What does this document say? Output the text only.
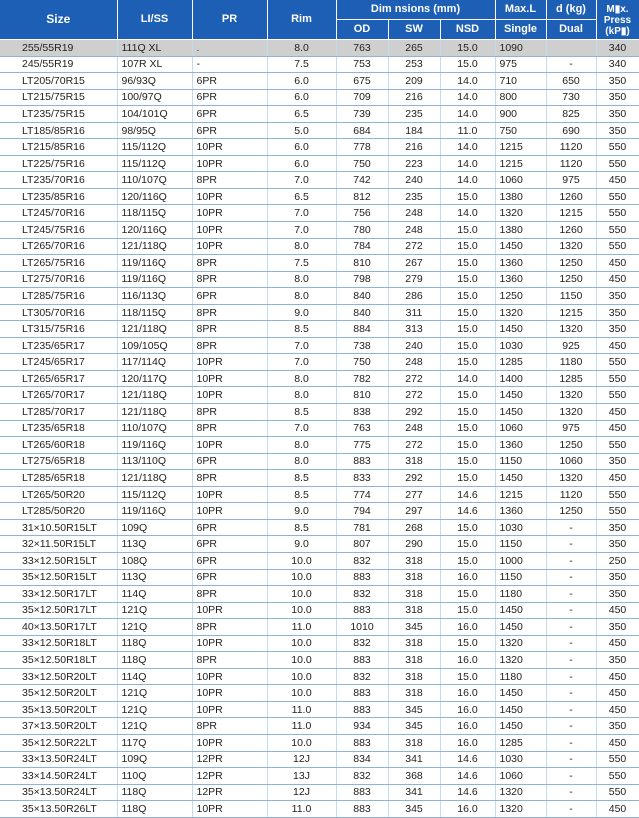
Size	LI/SS	PR	Rim	Dim nsions (mm)			Max.L	d (kg)	M▮x.
Press
(kP▮)

				OD	SW	NSD	Single	Dual	
255/55R19	111Q XL	.	8.0	763	265	15.0	1090		340
245/55R19	107R XL	-	7.5	753	253	15.0	975	-	340
LT205/70R15	96/93Q	6PR	6.0	675	209	14.0	710	650	350
LT215/75R15	100/97Q	6PR	6.0	709	216	14.0	800	730	350
LT235/75R15	104/101Q	6PR	6.5	739	235	14.0	900	825	350
LT185/85R16	98/95Q	6PR	5.0	684	184	11.0	750	690	350
LT215/85R16	115/112Q	10PR	6.0	778	216	14.0	1215	1120	550
LT225/75R16	115/112Q	10PR	6.0	750	223	14.0	1215	1120	550
LT235/70R16	110/107Q	8PR	7.0	742	240	14.0	1060	975	450
LT235/85R16	120/116Q	10PR	6.5	812	235	15.0	1380	1260	550
LT245/70R16	118/115Q	10PR	7.0	756	248	14.0	1320	1215	550
LT245/75R16	120/116Q	10PR	7.0	780	248	15.0	1380	1260	550
LT265/70R16	121/118Q	10PR	8.0	784	272	15.0	1450	1320	550
LT265/75R16	119/116Q	8PR	7.5	810	267	15.0	1360	1250	450
LT275/70R16	119/116Q	8PR	8.0	798	279	15.0	1360	1250	450
LT285/75R16	116/113Q	6PR	8.0	840	286	15.0	1250	1150	350
LT305/70R16	118/115Q	8PR	9.0	840	311	15.0	1320	1215	350
LT315/75R16	121/118Q	8PR	8.5	884	313	15.0	1450	1320	350
LT235/65R17	109/105Q	8PR	7.0	738	240	15.0	1030	925	450
LT245/65R17	117/114Q	10PR	7.0	750	248	15.0	1285	1180	550
LT265/65R17	120/117Q	10PR	8.0	782	272	14.0	1400	1285	550
LT265/70R17	121/118Q	10PR	8.0	810	272	15.0	1450	1320	550
LT285/70R17	121/118Q	8PR	8.5	838	292	15.0	1450	1320	450
LT235/65R18	110/107Q	8PR	7.0	763	248	15.0	1060	975	450
LT265/60R18	119/116Q	10PR	8.0	775	272	15.0	1360	1250	550
LT275/65R18	113/110Q	6PR	8.0	883	318	15.0	1150	1060	350
LT285/65R18	121/118Q	8PR	8.5	833	292	15.0	1450	1320	450
LT265/50R20	115/112Q	10PR	8.5	774	277	14.6	1215	1120	550
LT285/50R20	119/116Q	10PR	9.0	794	297	14.6	1360	1250	550
31×10.50R15LT	109Q	6PR	8.5	781	268	15.0	1030	-	350
32×11.50R15LT	113Q	6PR	9.0	807	290	15.0	1150	-	350
33×12.50R15LT	108Q	6PR	10.0	832	318	15.0	1000	-	250
35×12.50R15LT	113Q	6PR	10.0	883	318	16.0	1150	-	350
33×12.50R17LT	114Q	8PR	10.0	832	318	15.0	1180	-	350
35×12.50R17LT	121Q	10PR	10.0	883	318	15.0	1450	-	450
40×13.50R17LT	121Q	8PR	11.0	1010	345	16.0	1450	-	350
33×12.50R18LT	118Q	10PR	10.0	832	318	15.0	1320	-	450
35×12.50R18LT	118Q	8PR	10.0	883	318	16.0	1320	-	350
33×12.50R20LT	114Q	10PR	10.0	832	318	15.0	1180	-	450
35×12.50R20LT	121Q	10PR	10.0	883	318	16.0	1450	-	450
35×13.50R20LT	121Q	10PR	11.0	883	345	16.0	1450	-	450
37×13.50R20LT	121Q	8PR	11.0	934	345	16.0	1450	-	350
35×12.50R22LT	117Q	10PR	10.0	883	318	16.0	1285	-	450
33×13.50R24LT	109Q	12PR	12J	834	341	14.6	1030	-	550
33×14.50R24LT	110Q	12PR	13J	832	368	14.6	1060	-	550
35×13.50R24LT	118Q	12PR	12J	883	341	14.6	1320	-	550
35×13.50R26LT	118Q	10PR	11.0	883	345	16.0	1320	-	450
